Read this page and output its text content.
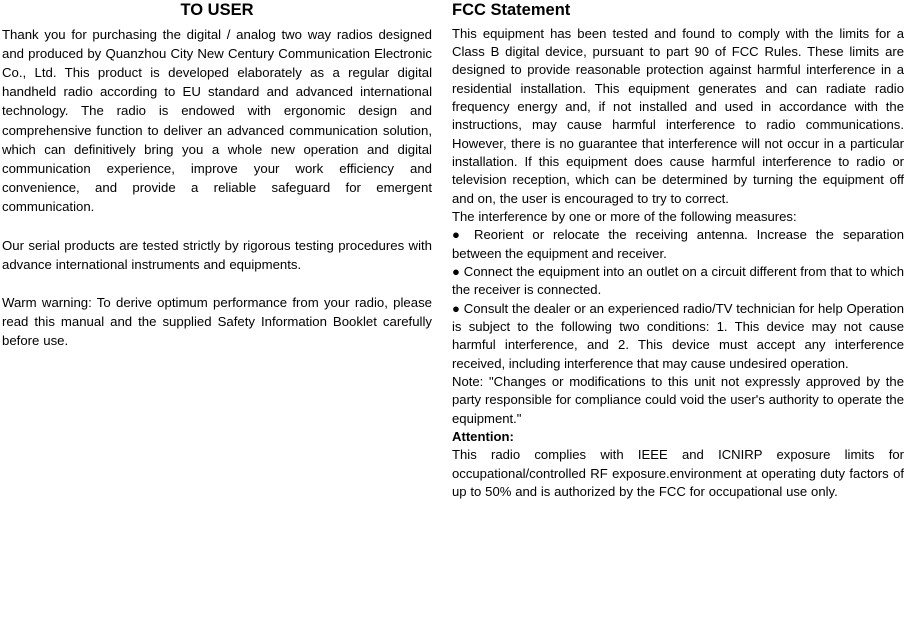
TO USER

Thank you for purchasing the digital / analog two way radios designed and produced by Quanzhou City New Century Communication Electronic Co., Ltd. This product is developed elaborately as a regular digital handheld radio according to EU standard and advanced international technology. The radio is endowed with ergonomic design and comprehensive function to deliver an advanced communication solution, which can definitively bring you a whole new operation and digital communication experience, improve your work efficiency and convenience, and provide a reliable safeguard for emergent communication.

Our serial products are tested strictly by rigorous testing procedures with advance international instruments and equipments.

Warm warning: To derive optimum performance from your radio, please read this manual and the supplied Safety Information Booklet carefully before use.

FCC Statement

This equipment has been tested and found to comply with the limits for a Class B digital device, pursuant to part 90 of FCC Rules. These limits are designed to provide reasonable protection against harmful interference in a residential installation. This equipment generates and can radiate radio frequency energy and, if not installed and used in accordance with the instructions, may cause harmful interference to radio communications. However, there is no guarantee that interference will not occur in a particular installation. If this equipment does cause harmful interference to radio or television reception, which can be determined by turning the equipment off and on, the user is encouraged to try to correct.

The interference by one or more of the following measures:

● Reorient or relocate the receiving antenna. Increase the separation between the equipment and receiver.

● Connect the equipment into an outlet on a circuit different from that to which the receiver is connected.

● Consult the dealer or an experienced radio/TV technician for help Operation is subject to the following two conditions: 1. This device may not cause harmful interference, and 2. This device must accept any interference received, including interference that may cause undesired operation.

Note: "Changes or modifications to this unit not expressly approved by the party responsible for compliance could void the user's authority to operate the equipment."

Attention:

This radio complies with IEEE and ICNIRP exposure limits for occupational/controlled RF exposure.environment at operating duty factors of up to 50% and is authorized by the FCC for occupational use only.
